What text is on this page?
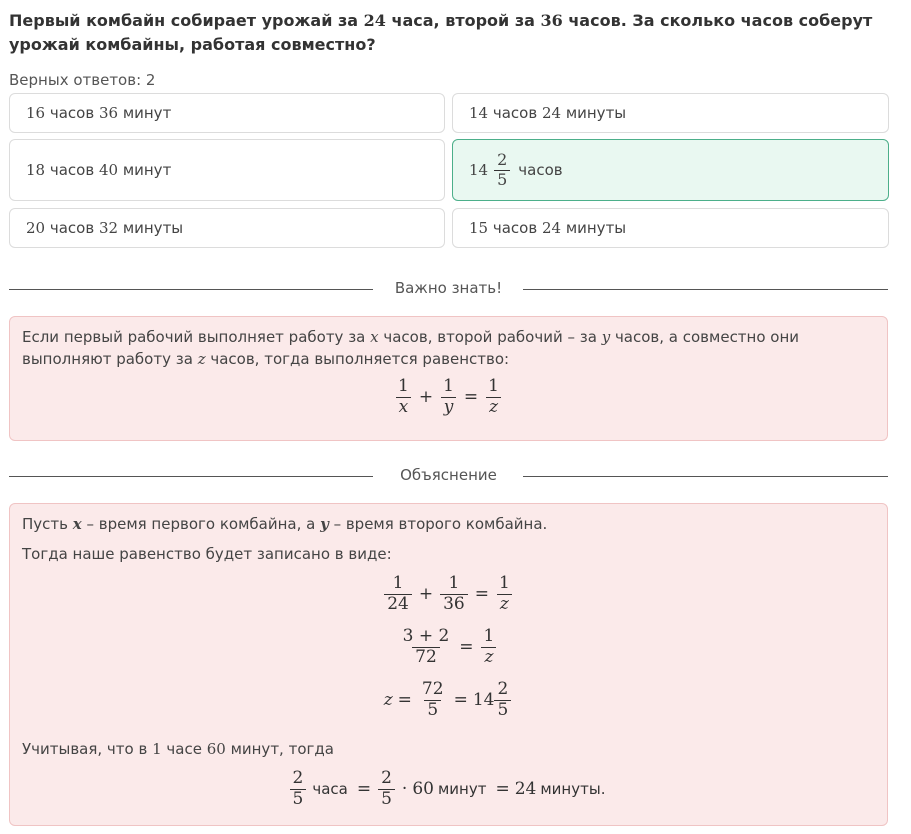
Первый комбайн собирает урожай за 24 часа, второй за 36 часов. За сколько часов соберут урожай комбайны, работая совместно?
Верных ответов: 2
16 часов 36 минут	14 часов 24 минуты
18 часов 40 минут	$14 \frac{2}{5}$ часов
20 часов 32 минуты	15 часов 24 минуты
Важно знать!
Если первый рабочий выполняет работу за x часов, второй рабочий – за y часов, а совместно они
выполняют работу за z часов, тогда выполняется равенство:
$\frac{1}{x} + \frac{1}{y} = \frac{1}{z}$
Объяснение
Пусть x – время первого комбайна, а y – время второго комбайна.
Тогда наше равенство будет записано в виде:
$\frac{1}{24} + \frac{1}{36} = \frac{1}{z}$
$\frac{3 + 2}{72} = \frac{1}{z}$
$z = \frac{72}{5} = 14 \frac{2}{5}$
Учитывая, что в 1 часе 60 минут, тогда
$\frac{2}{5}$ часа = $\frac{2}{5} \cdot 60$ минут = 24 минуты.
